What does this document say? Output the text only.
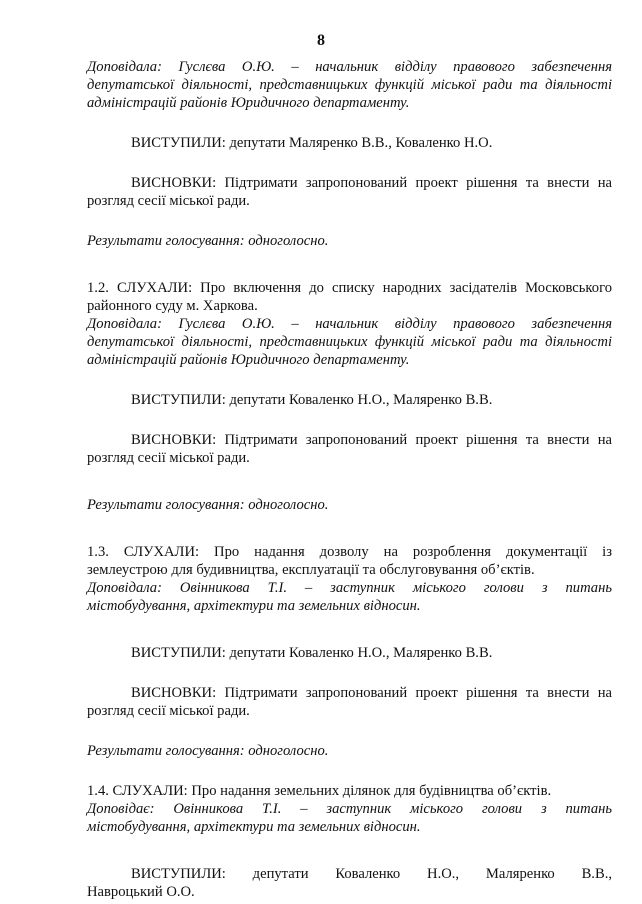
8

Доповідала: Гуслєва О.Ю. – начальник відділу правового забезпечення

депутатської діяльності, представницьких функцій міської ради та діяльності

адміністрацій районів Юридичного департаменту.

ВИСТУПИЛИ: депутати Маляренко В.В., Коваленко Н.О.

ВИСНОВКИ: Підтримати запропонований проект рішення та внести на

розгляд сесії міської ради.

Результати голосування: одноголосно.

1.2. СЛУХАЛИ: Про включення до списку народних засідателів Московського

районного суду м. Харкова.

Доповідала: Гуслєва О.Ю. – начальник відділу правового забезпечення

депутатської діяльності, представницьких функцій міської ради та діяльності

адміністрацій районів Юридичного департаменту.

ВИСТУПИЛИ: депутати Коваленко Н.О., Маляренко В.В.

ВИСНОВКИ: Підтримати запропонований проект рішення та внести на

розгляд сесії міської ради.

Результати голосування: одноголосно.

1.3. СЛУХАЛИ: Про надання дозволу на розроблення документації із

землеустрою для будивництва, експлуатації та обслуговування об’єктів.

Доповідала: Овінникова Т.І. – заступник міського голови з питань

містобудування, архітектури та земельних відносин.

ВИСТУПИЛИ: депутати Коваленко Н.О., Маляренко В.В.

ВИСНОВКИ: Підтримати запропонований проект рішення та внести на

розгляд сесії міської ради.

Результати голосування: одноголосно.

1.4. СЛУХАЛИ: Про надання земельних ділянок для будівництва об’єктів.

Доповідає: Овінникова Т.І. – заступник міського голови з питань

містобудування, архітектури та земельних відносин.

ВИСТУПИЛИ: депутати Коваленко Н.О., Маляренко В.В.,

Навроцький О.О.
